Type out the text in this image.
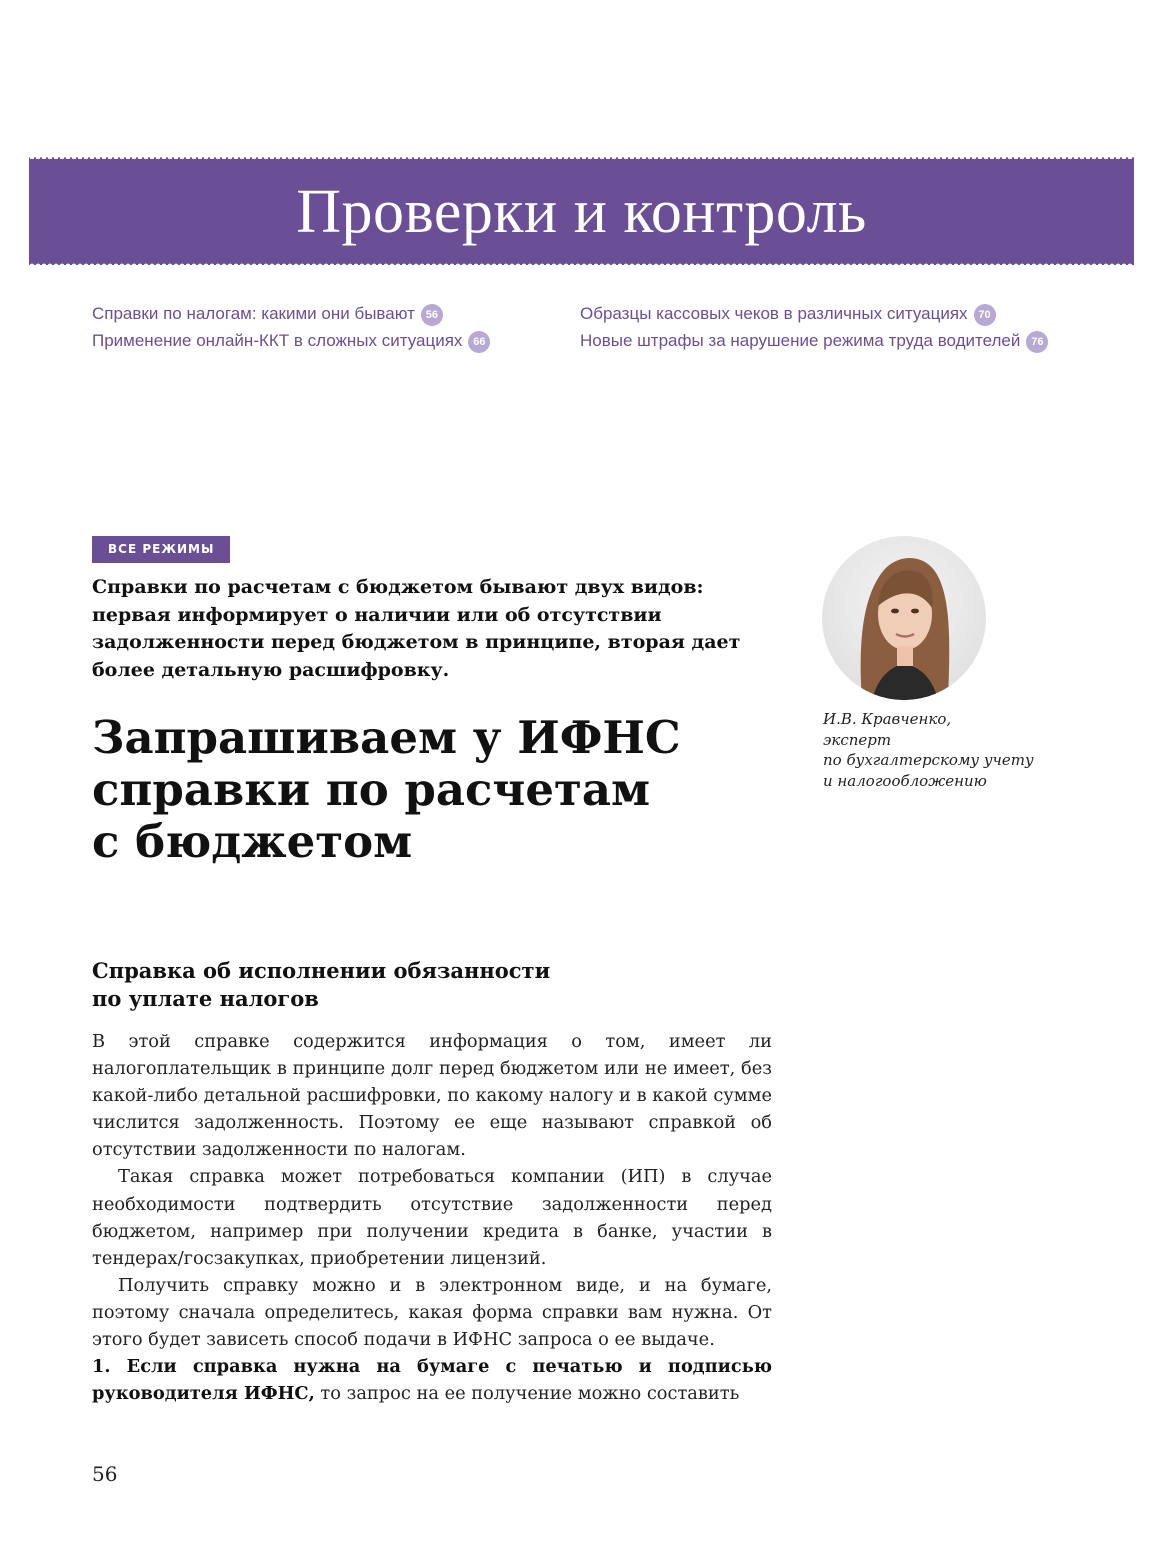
Проверки и контроль
Справки по налогам: какими они бывают 56
Применение онлайн-ККТ в сложных ситуациях 66
Образцы кассовых чеков в различных ситуациях 70
Новые штрафы за нарушение режима труда водителей 76
ВСЕ РЕЖИМЫ
Справки по расчетам с бюджетом бывают двух видов: первая информирует о наличии или об отсутствии задолженности перед бюджетом в принципе, вторая дает более детальную расшифровку.
Запрашиваем у ИФНС
справки по расчетам
с бюджетом
И.В. Кравченко,
эксперт
по бухгалтерскому учету
и налогообложению
Справка об исполнении обязанности
по уплате налогов

В этой справке содержится информация о том, имеет ли налогоплательщик в принципе долг перед бюджетом или не имеет, без какой-либо детальной расшифровки, по какому налогу и в какой сумме числится задолженность. Поэтому ее еще называют справкой об отсутствии задолженности по налогам.

Такая справка может потребоваться компании (ИП) в случае необходимости подтвердить отсутствие задолженности перед бюджетом, например при получении кредита в банке, участии в тендерах/госзакупках, приобретении лицензий.

Получить справку можно и в электронном виде, и на бумаге, поэтому сначала определитесь, какая форма справки вам нужна. От этого будет зависеть способ подачи в ИФНС запроса о ее выдаче.

1. Если справка нужна на бумаге с печатью и подписью руководителя ИФНС, то запрос на ее получение можно составить

56
